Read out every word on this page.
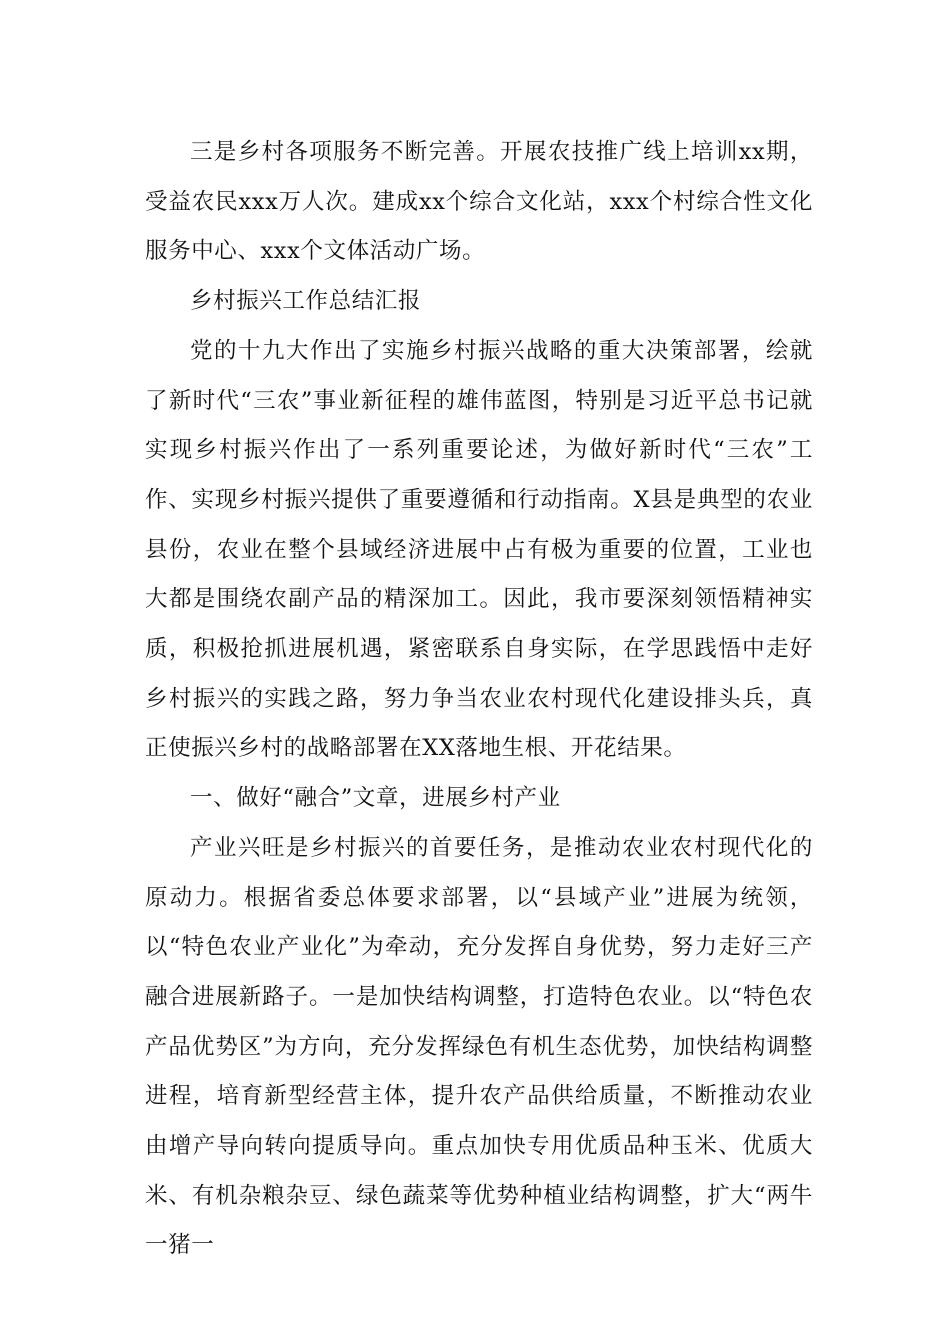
三是乡村各项服务不断完善。开展农技推广线上培训xx期，受益农民xxx万人次。建成xx个综合文化站，xxx个村综合性文化服务中心、xxx个文体活动广场。

乡村振兴工作总结汇报

党的十九大作出了实施乡村振兴战略的重大决策部署，绘就了新时代“三农”事业新征程的雄伟蓝图，特别是习近平总书记就实现乡村振兴作出了一系列重要论述，为做好新时代“三农”工作、实现乡村振兴提供了重要遵循和行动指南。X县是典型的农业县份，农业在整个县域经济进展中占有极为重要的位置，工业也大都是围绕农副产品的精深加工。因此，我市要深刻领悟精神实质，积极抢抓进展机遇，紧密联系自身实际，在学思践悟中走好乡村振兴的实践之路，努力争当农业农村现代化建设排头兵，真正使振兴乡村的战略部署在XX落地生根、开花结果。

一、做好“融合”文章，进展乡村产业

产业兴旺是乡村振兴的首要任务，是推动农业农村现代化的原动力。根据省委总体要求部署，以“县域产业”进展为统领，以“特色农业产业化”为牵动，充分发挥自身优势，努力走好三产融合进展新路子。一是加快结构调整，打造特色农业。以“特色农产品优势区”为方向，充分发挥绿色有机生态优势，加快结构调整进程，培育新型经营主体，提升农产品供给质量，不断推动农业由增产导向转向提质导向。重点加快专用优质品种玉米、优质大米、有机杂粮杂豆、绿色蔬菜等优势种植业结构调整，扩大“两牛一猪一
